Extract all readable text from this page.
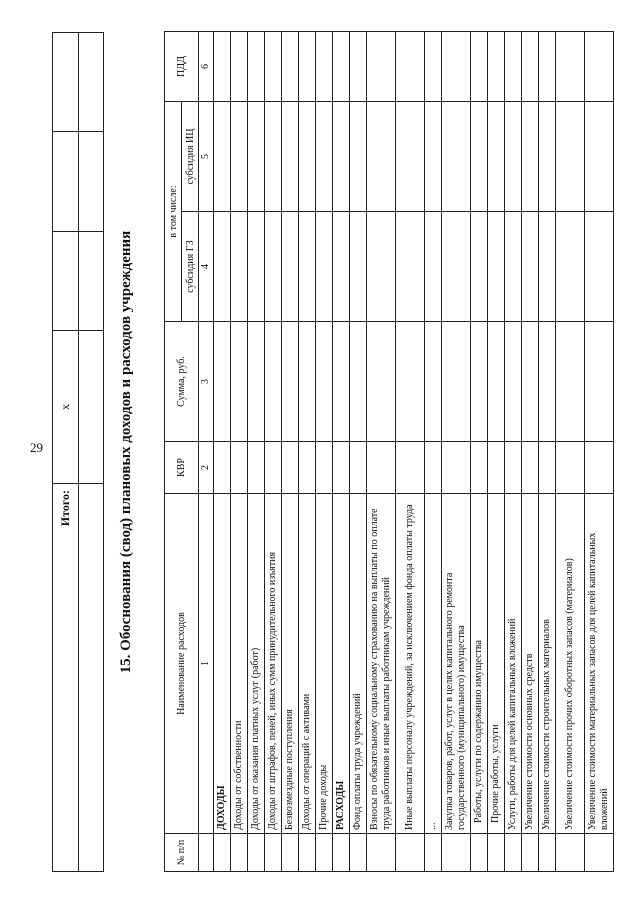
29
Итого:	x			
					15. Обоснования (свод) плановых доходов и расходов учреждения
№ п/п	Наименование расходов	КВР	Сумма, руб.	в том числе:		ПДД
				субсидия ГЗ	субсидия ИЦ	
	1	2	3	4	5	6
	ДОХОДЫ					
	Доходы от собственности					
	Доходы от оказания платных услуг (работ)					
	Доходы от штрафов, пеней, иных сумм принудительного изъятия					
	Безвозмездные поступления					
	Доходы от операций с активами					
	Прочие доходы					
	РАСХОДЫ					
	Фонд оплаты труда учреждений					
	Взносы по обязательному социальному страхованию на выплаты по оплате труда работников и иные выплаты работникам учреждений					
	Иные выплаты персоналу учреждений, за исключением фонда оплаты труда					
	...					
	Закупка товаров, работ, услуг в целях капитального ремонта государственного (муниципального) имущества					
	Работы, услуги по содержанию имущества					
	Прочие работы, услуги					
	Услуги, работы для целей капитальных вложений					
	Увеличение стоимости основных средств					
	Увеличение стоимости строительных материалов					
	Увеличение стоимости прочих оборотных запасов (материалов)					
	Увеличение стоимости материальных запасов для целей капитальных вложений					
